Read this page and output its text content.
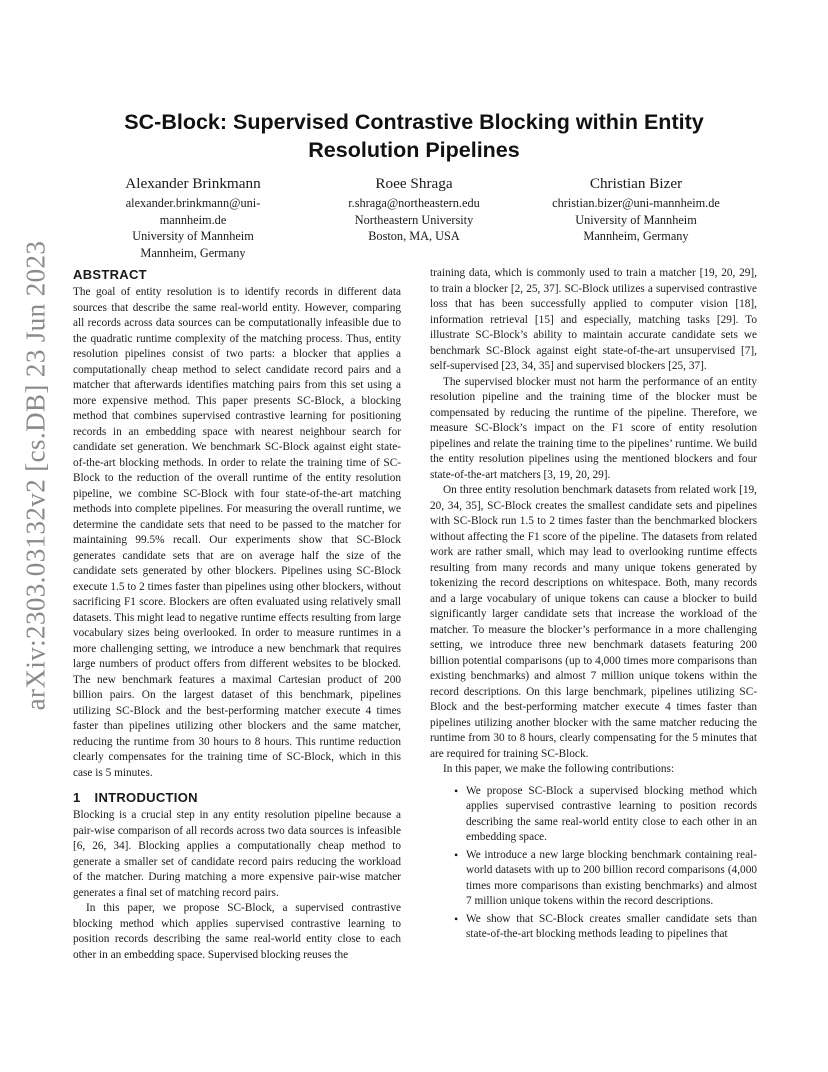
arXiv:2303.03132v2 [cs.DB] 23 Jun 2023
SC-Block: Supervised Contrastive Blocking within Entity Resolution Pipelines
Alexander Brinkmann
alexander.brinkmann@uni-
mannheim.de
University of Mannheim
Mannheim, Germany
Roee Shraga
r.shraga@northeastern.edu
Northeastern University
Boston, MA, USA
Christian Bizer
christian.bizer@uni-mannheim.de
University of Mannheim
Mannheim, Germany
ABSTRACT

The goal of entity resolution is to identify records in different data sources that describe the same real-world entity. However, comparing all records across data sources can be computationally infeasible due to the quadratic runtime complexity of the matching process. Thus, entity resolution pipelines consist of two parts: a blocker that applies a computationally cheap method to select candidate record pairs and a matcher that afterwards identifies matching pairs from this set using a more expensive method. This paper presents SC-Block, a blocking method that combines supervised contrastive learning for positioning records in an embedding space with nearest neighbour search for candidate set generation. We benchmark SC-Block against eight state-of-the-art blocking methods. In order to relate the training time of SC-Block to the reduction of the overall runtime of the entity resolution pipeline, we combine SC-Block with four state-of-the-art matching methods into complete pipelines. For measuring the overall runtime, we determine the candidate sets that need to be passed to the matcher for maintaining 99.5% recall. Our experiments show that SC-Block generates candidate sets that are on average half the size of the candidate sets generated by other blockers. Pipelines using SC-Block execute 1.5 to 2 times faster than pipelines using other blockers, without sacrificing F1 score. Blockers are often evaluated using relatively small datasets. This might lead to negative runtime effects resulting from large vocabulary sizes being overlooked. In order to measure runtimes in a more challenging setting, we introduce a new benchmark that requires large numbers of product offers from different websites to be blocked. The new benchmark features a maximal Cartesian product of 200 billion pairs. On the largest dataset of this benchmark, pipelines utilizing SC-Block and the best-performing matcher execute 4 times faster than pipelines utilizing other blockers and the same matcher, reducing the runtime from 30 hours to 8 hours. This runtime reduction clearly compensates for the training time of SC-Block, which in this case is 5 minutes.

1 INTRODUCTION

Blocking is a crucial step in any entity resolution pipeline because a pair-wise comparison of all records across two data sources is infeasible [6, 26, 34]. Blocking applies a computationally cheap method to generate a smaller set of candidate record pairs reducing the workload of the matcher. During matching a more expensive pair-wise matcher generates a final set of matching record pairs.

In this paper, we propose SC-Block, a supervised contrastive blocking method which applies supervised contrastive learning to position records describing the same real-world entity close to each other in an embedding space. Supervised blocking reuses the

training data, which is commonly used to train a matcher [19, 20, 29], to train a blocker [2, 25, 37]. SC-Block utilizes a supervised contrastive loss that has been successfully applied to computer vision [18], information retrieval [15] and especially, matching tasks [29]. To illustrate SC-Block’s ability to maintain accurate candidate sets we benchmark SC-Block against eight state-of-the-art unsupervised [7], self-supervised [23, 34, 35] and supervised blockers [25, 37].

The supervised blocker must not harm the performance of an entity resolution pipeline and the training time of the blocker must be compensated by reducing the runtime of the pipeline. Therefore, we measure SC-Block’s impact on the F1 score of entity resolution pipelines and relate the training time to the pipelines’ runtime. We build the entity resolution pipelines using the mentioned blockers and four state-of-the-art matchers [3, 19, 20, 29].

On three entity resolution benchmark datasets from related work [19, 20, 34, 35], SC-Block creates the smallest candidate sets and pipelines with SC-Block run 1.5 to 2 times faster than the benchmarked blockers without affecting the F1 score of the pipeline. The datasets from related work are rather small, which may lead to overlooking runtime effects resulting from many records and many unique tokens generated by tokenizing the record descriptions on whitespace. Both, many records and a large vocabulary of unique tokens can cause a blocker to build significantly larger candidate sets that increase the workload of the matcher. To measure the blocker’s performance in a more challenging setting, we introduce three new benchmark datasets featuring 200 billion potential comparisons (up to 4,000 times more comparisons than existing benchmarks) and almost 7 million unique tokens within the record descriptions. On this large benchmark, pipelines utilizing SC-Block and the best-performing matcher execute 4 times faster than pipelines utilizing another blocker with the same matcher reducing the runtime from 30 to 8 hours, clearly compensating for the 5 minutes that are required for training SC-Block.

In this paper, we make the following contributions:

• We propose SC-Block a supervised blocking method which applies supervised contrastive learning to position records describing the same real-world entity close to each other in an embedding space.
• We introduce a new large blocking benchmark containing real-world datasets with up to 200 billion record comparisons (4,000 times more comparisons than existing benchmarks) and almost 7 million unique tokens within the record descriptions.
• We show that SC-Block creates smaller candidate sets than state-of-the-art blocking methods leading to pipelines that
